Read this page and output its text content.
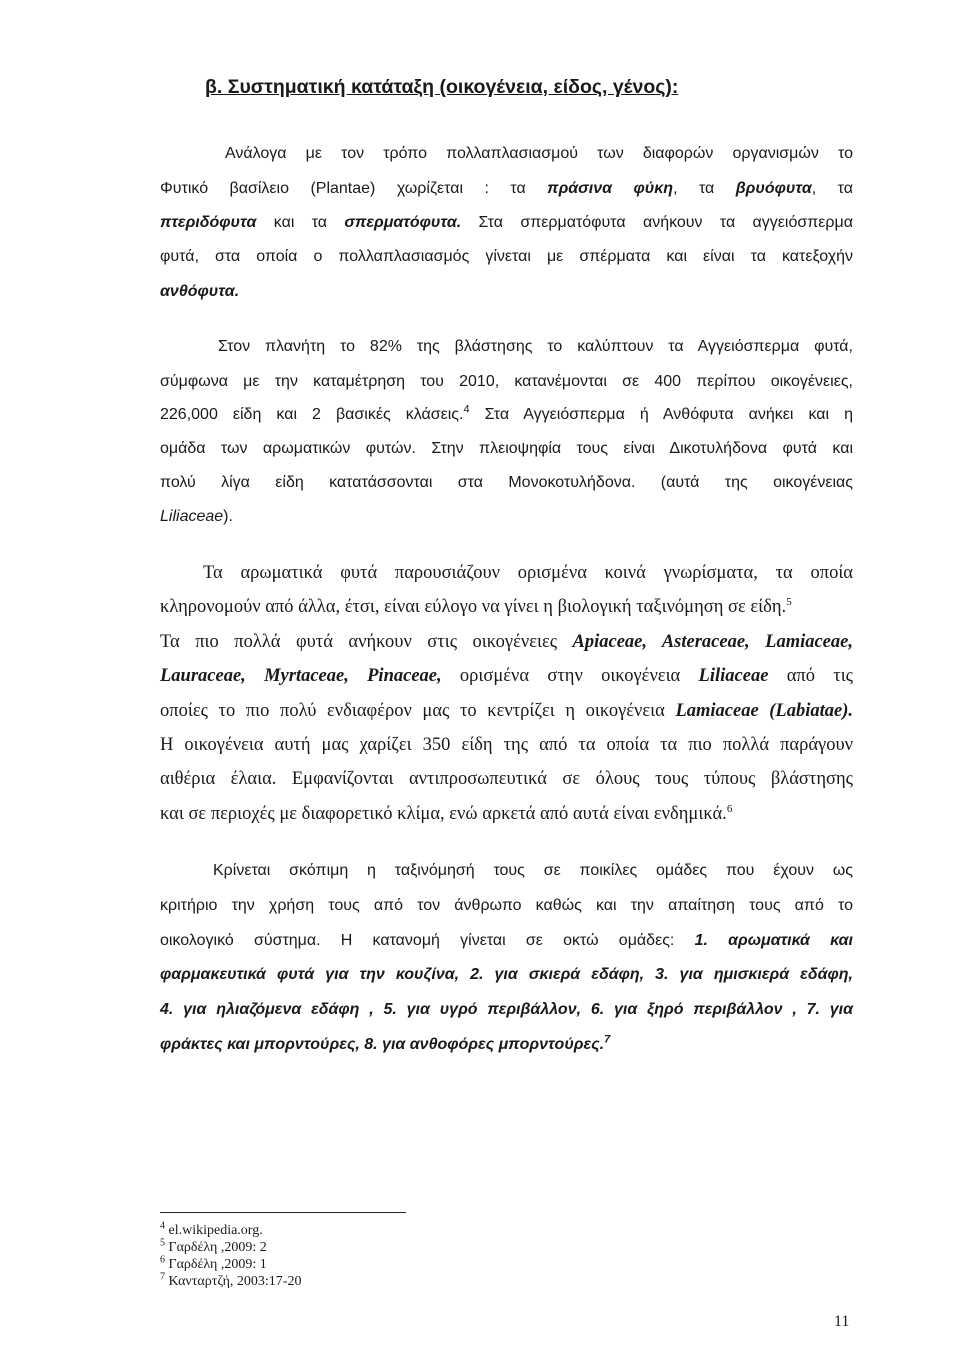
β. Συστηματική κατάταξη (οικογένεια, είδος, γένος):

Ανάλογα με τον τρόπο πολλαπλασιασμού των διαφορών οργανισμών το

Φυτικό βασίλειο (Plantae) χωρίζεται : τα πράσινα φύκη, τα βρυόφυτα, τα

πτεριδόφυτα και τα σπερματόφυτα. Στα σπερματόφυτα ανήκουν τα αγγειόσπερμα

φυτά, στα οποία ο πολλαπλασιασμός γίνεται με σπέρματα και είναι τα κατεξοχήν

ανθόφυτα.

Στον πλανήτη το 82% της βλάστησης το καλύπτουν τα Αγγειόσπερμα φυτά,

σύμφωνα με την καταμέτρηση του 2010, κατανέμονται σε 400 περίπου οικογένειες,

226,000 είδη και 2 βασικές κλάσεις.$^4$ Στα Αγγειόσπερμα ή Ανθόφυτα ανήκει και η

ομάδα των αρωματικών φυτών. Στην πλειοψηφία τους είναι Δικοτυλήδονα φυτά και

πολύ λίγα είδη κατατάσσονται στα Μονοκοτυλήδονα. (αυτά της οικογένειας

Liliaceae).

Τα αρωματικά φυτά παρουσιάζουν ορισμένα κοινά γνωρίσματα, τα οποία

κληρονομούν από άλλα, έτσι, είναι εύλογο να γίνει η βιολογική ταξινόμηση σε είδη.$^5$

Τα πιο πολλά φυτά ανήκουν στις οικογένειες Apiaceae, Asteraceae, Lamiaceae,

Lauraceae, Myrtaceae, Pinaceae, ορισμένα στην οικογένεια Liliaceae από τις

οποίες το πιο πολύ ενδιαφέρον μας το κεντρίζει η οικογένεια Lamiaceae (Labiatae).

Η οικογένεια αυτή μας χαρίζει 350 είδη της από τα οποία τα πιο πολλά παράγουν

αιθέρια έλαια. Εμφανίζονται αντιπροσωπευτικά σε όλους τους τύπους βλάστησης

και σε περιοχές με διαφορετικό κλίμα, ενώ αρκετά από αυτά είναι ενδημικά.$^6$

Κρίνεται σκόπιμη η ταξινόμησή τους σε ποικίλες ομάδες που έχουν ως

κριτήριο την χρήση τους από τον άνθρωπο καθώς και την απαίτηση τους από το

οικολογικό σύστημα. Η κατανομή γίνεται σε οκτώ ομάδες: 1. αρωματικά και

φαρμακευτικά φυτά για την κουζίνα, 2. για σκιερά εδάφη, 3. για ημισκιερά εδάφη,

4. για ηλιαζόμενα εδάφη , 5. για υγρό περιβάλλον, 6. για ξηρό περιβάλλον , 7. για

φράκτες και μπορντούρες, 8. για ανθοφόρες μπορντούρες.$^7$

$^4$ el.wikipedia.org.
$^5$ Γαρδέλη ,2009: 2
$^6$ Γαρδέλη ,2009: 1
$^7$ Κανταρτζή, 2003:17-20
11
